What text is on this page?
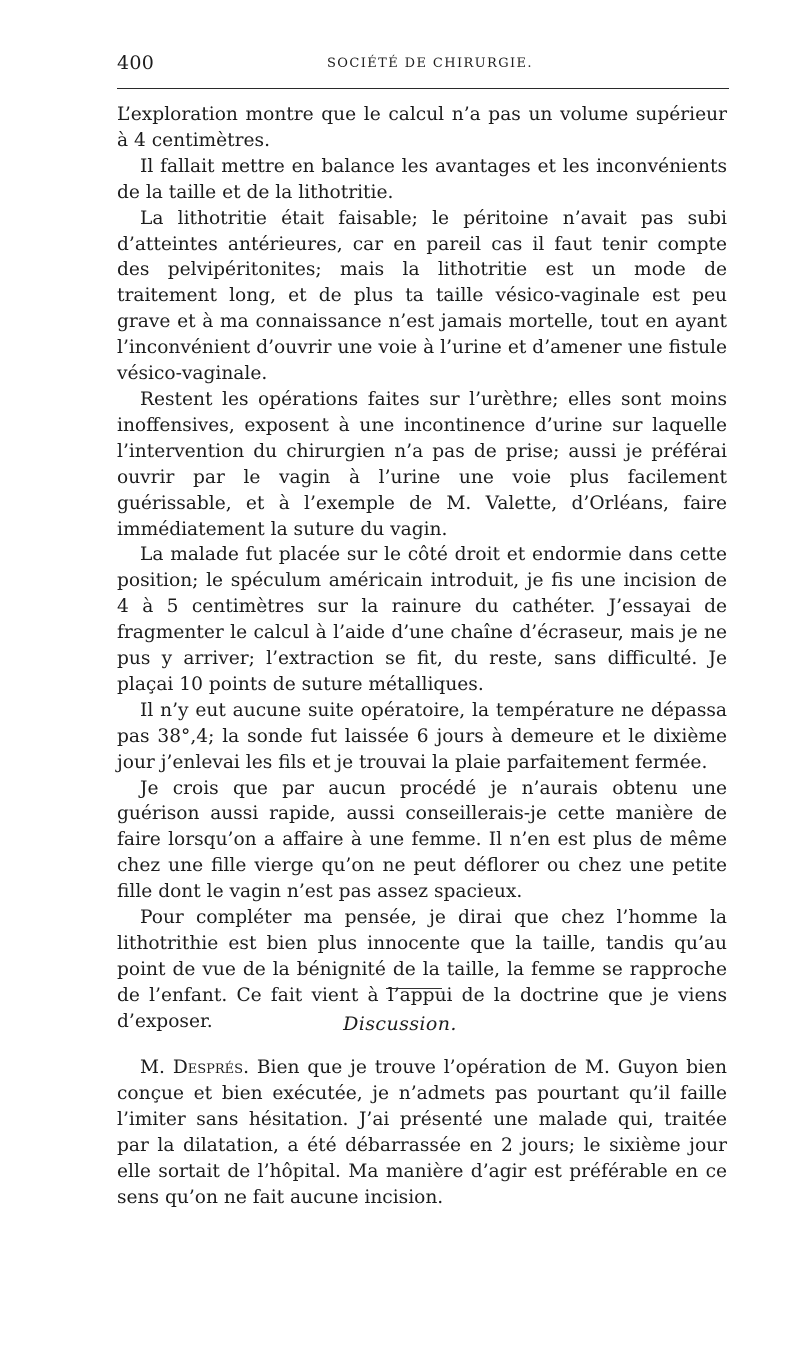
400	SOCIÉTÉ DE CHIRURGIE.

L’exploration montre que le calcul n’a pas un volume supérieur à 4 centimètres.

Il fallait mettre en balance les avantages et les inconvénients de la taille et de la lithotritie.

La lithotritie était faisable; le péritoine n’avait pas subi d’atteintes antérieures, car en pareil cas il faut tenir compte des pelvipéritonites; mais la lithotritie est un mode de traitement long, et de plus ta taille vésico-vaginale est peu grave et à ma connaissance n’est jamais mortelle, tout en ayant l’inconvénient d’ouvrir une voie à l’urine et d’amener une fistule vésico-vaginale.

Restent les opérations faites sur l’urèthre; elles sont moins inoffensives, exposent à une incontinence d’urine sur laquelle l’intervention du chirurgien n’a pas de prise; aussi je préférai ouvrir par le vagin à l’urine une voie plus facilement guérissable, et à l’exemple de M. Valette, d’Orléans, faire immédiatement la suture du vagin.

La malade fut placée sur le côté droit et endormie dans cette position; le spéculum américain introduit, je fis une incision de 4 à 5 centimètres sur la rainure du cathéter. J’essayai de fragmenter le calcul à l’aide d’une chaîne d’écraseur, mais je ne pus y arriver; l’extraction se fit, du reste, sans difficulté. Je plaçai 10 points de suture métalliques.

Il n’y eut aucune suite opératoire, la température ne dépassa pas 38°,4; la sonde fut laissée 6 jours à demeure et le dixième jour j’enlevai les fils et je trouvai la plaie parfaitement fermée.

Je crois que par aucun procédé je n’aurais obtenu une guérison aussi rapide, aussi conseillerais-je cette manière de faire lorsqu’on a affaire à une femme. Il n’en est plus de même chez une fille vierge qu’on ne peut déflorer ou chez une petite fille dont le vagin n’est pas assez spacieux.

Pour compléter ma pensée, je dirai que chez l’homme la lithotrithie est bien plus innocente que la taille, tandis qu’au point de vue de la bénignité de la taille, la femme se rapproche de l’enfant. Ce fait vient à l’appui de la doctrine que je viens d’exposer.	Discussion.

M. Després. Bien que je trouve l’opération de M. Guyon bien conçue et bien exécutée, je n’admets pas pourtant qu’il faille l’imiter sans hésitation. J’ai présenté une malade qui, traitée par la dilatation, a été débarrassée en 2 jours; le sixième jour elle sortait de l’hôpital. Ma manière d’agir est préférable en ce sens qu’on ne fait aucune incision.
